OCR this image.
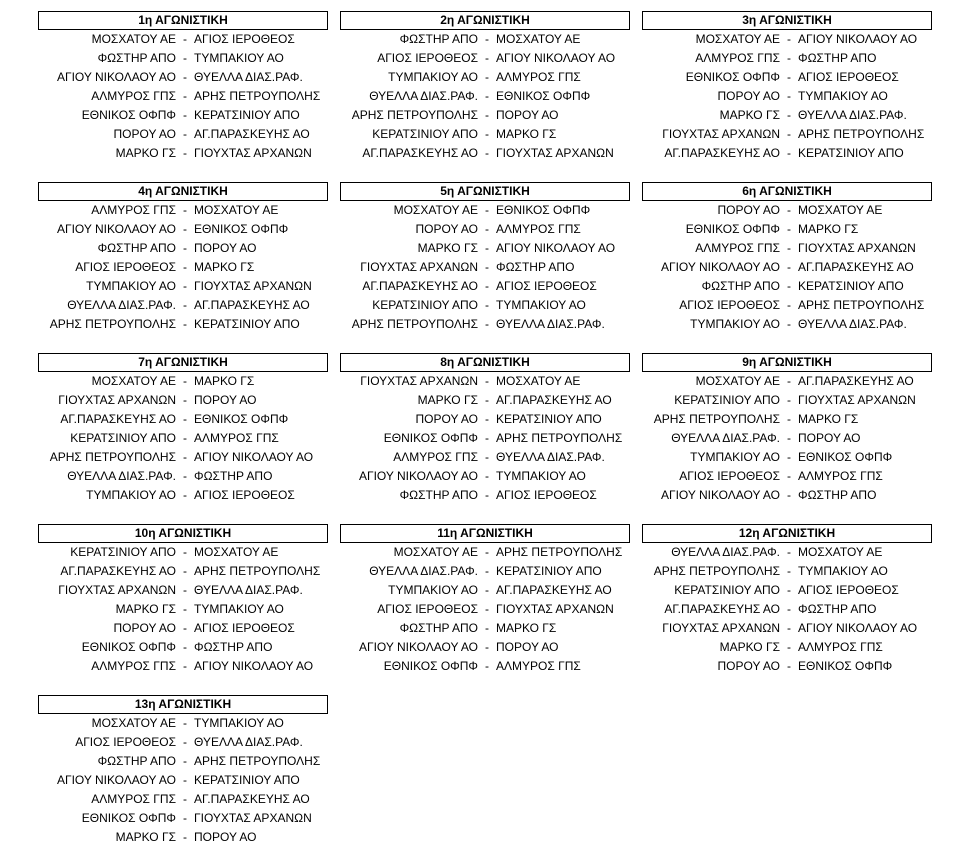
1η ΑΓΩΝΙΣΤΙΚΗ
ΜΟΣΧΑΤΟΥ ΑΕ - ΑΓΙΟΣ ΙΕΡΟΘΕΟΣ
ΦΩΣΤΗΡ ΑΠΟ - ΤΥΜΠΑΚΙΟΥ ΑΟ
ΑΓΙΟΥ ΝΙΚΟΛΑΟΥ ΑΟ - ΘΥΕΛΛΑ ΔΙΑΣ.ΡΑΦ.
ΑΛΜΥΡΟΣ ΓΠΣ - ΑΡΗΣ ΠΕΤΡΟΥΠΟΛΗΣ
ΕΘΝΙΚΟΣ ΟΦΠΦ - ΚΕΡΑΤΣΙΝΙΟΥ ΑΠΟ
ΠΟΡΟΥ ΑΟ - ΑΓ.ΠΑΡΑΣΚΕΥΗΣ ΑΟ
ΜΑΡΚΟ ΓΣ - ΓΙΟΥΧΤΑΣ ΑΡΧΑΝΩΝ
2η ΑΓΩΝΙΣΤΙΚΗ
ΦΩΣΤΗΡ ΑΠΟ - ΜΟΣΧΑΤΟΥ ΑΕ
ΑΓΙΟΣ ΙΕΡΟΘΕΟΣ - ΑΓΙΟΥ ΝΙΚΟΛΑΟΥ ΑΟ
ΤΥΜΠΑΚΙΟΥ ΑΟ - ΑΛΜΥΡΟΣ ΓΠΣ
ΘΥΕΛΛΑ ΔΙΑΣ.ΡΑΦ. - ΕΘΝΙΚΟΣ ΟΦΠΦ
ΑΡΗΣ ΠΕΤΡΟΥΠΟΛΗΣ - ΠΟΡΟΥ ΑΟ
ΚΕΡΑΤΣΙΝΙΟΥ ΑΠΟ - ΜΑΡΚΟ ΓΣ
ΑΓ.ΠΑΡΑΣΚΕΥΗΣ ΑΟ - ΓΙΟΥΧΤΑΣ ΑΡΧΑΝΩΝ
3η ΑΓΩΝΙΣΤΙΚΗ
ΜΟΣΧΑΤΟΥ ΑΕ - ΑΓΙΟΥ ΝΙΚΟΛΑΟΥ ΑΟ
ΑΛΜΥΡΟΣ ΓΠΣ - ΦΩΣΤΗΡ ΑΠΟ
ΕΘΝΙΚΟΣ ΟΦΠΦ - ΑΓΙΟΣ ΙΕΡΟΘΕΟΣ
ΠΟΡΟΥ ΑΟ - ΤΥΜΠΑΚΙΟΥ ΑΟ
ΜΑΡΚΟ ΓΣ - ΘΥΕΛΛΑ ΔΙΑΣ.ΡΑΦ.
ΓΙΟΥΧΤΑΣ ΑΡΧΑΝΩΝ - ΑΡΗΣ ΠΕΤΡΟΥΠΟΛΗΣ
ΑΓ.ΠΑΡΑΣΚΕΥΗΣ ΑΟ - ΚΕΡΑΤΣΙΝΙΟΥ ΑΠΟ
4η ΑΓΩΝΙΣΤΙΚΗ
ΑΛΜΥΡΟΣ ΓΠΣ - ΜΟΣΧΑΤΟΥ ΑΕ
ΑΓΙΟΥ ΝΙΚΟΛΑΟΥ ΑΟ - ΕΘΝΙΚΟΣ ΟΦΠΦ
ΦΩΣΤΗΡ ΑΠΟ - ΠΟΡΟΥ ΑΟ
ΑΓΙΟΣ ΙΕΡΟΘΕΟΣ - ΜΑΡΚΟ ΓΣ
ΤΥΜΠΑΚΙΟΥ ΑΟ - ΓΙΟΥΧΤΑΣ ΑΡΧΑΝΩΝ
ΘΥΕΛΛΑ ΔΙΑΣ.ΡΑΦ. - ΑΓ.ΠΑΡΑΣΚΕΥΗΣ ΑΟ
ΑΡΗΣ ΠΕΤΡΟΥΠΟΛΗΣ - ΚΕΡΑΤΣΙΝΙΟΥ ΑΠΟ
5η ΑΓΩΝΙΣΤΙΚΗ
ΜΟΣΧΑΤΟΥ ΑΕ - ΕΘΝΙΚΟΣ ΟΦΠΦ
ΠΟΡΟΥ ΑΟ - ΑΛΜΥΡΟΣ ΓΠΣ
ΜΑΡΚΟ ΓΣ - ΑΓΙΟΥ ΝΙΚΟΛΑΟΥ ΑΟ
ΓΙΟΥΧΤΑΣ ΑΡΧΑΝΩΝ - ΦΩΣΤΗΡ ΑΠΟ
ΑΓ.ΠΑΡΑΣΚΕΥΗΣ ΑΟ - ΑΓΙΟΣ ΙΕΡΟΘΕΟΣ
ΚΕΡΑΤΣΙΝΙΟΥ ΑΠΟ - ΤΥΜΠΑΚΙΟΥ ΑΟ
ΑΡΗΣ ΠΕΤΡΟΥΠΟΛΗΣ - ΘΥΕΛΛΑ ΔΙΑΣ.ΡΑΦ.
6η ΑΓΩΝΙΣΤΙΚΗ
ΠΟΡΟΥ ΑΟ - ΜΟΣΧΑΤΟΥ ΑΕ
ΕΘΝΙΚΟΣ ΟΦΠΦ - ΜΑΡΚΟ ΓΣ
ΑΛΜΥΡΟΣ ΓΠΣ - ΓΙΟΥΧΤΑΣ ΑΡΧΑΝΩΝ
ΑΓΙΟΥ ΝΙΚΟΛΑΟΥ ΑΟ - ΑΓ.ΠΑΡΑΣΚΕΥΗΣ ΑΟ
ΦΩΣΤΗΡ ΑΠΟ - ΚΕΡΑΤΣΙΝΙΟΥ ΑΠΟ
ΑΓΙΟΣ ΙΕΡΟΘΕΟΣ - ΑΡΗΣ ΠΕΤΡΟΥΠΟΛΗΣ
ΤΥΜΠΑΚΙΟΥ ΑΟ - ΘΥΕΛΛΑ ΔΙΑΣ.ΡΑΦ.
7η ΑΓΩΝΙΣΤΙΚΗ
ΜΟΣΧΑΤΟΥ ΑΕ - ΜΑΡΚΟ ΓΣ
ΓΙΟΥΧΤΑΣ ΑΡΧΑΝΩΝ - ΠΟΡΟΥ ΑΟ
ΑΓ.ΠΑΡΑΣΚΕΥΗΣ ΑΟ - ΕΘΝΙΚΟΣ ΟΦΠΦ
ΚΕΡΑΤΣΙΝΙΟΥ ΑΠΟ - ΑΛΜΥΡΟΣ ΓΠΣ
ΑΡΗΣ ΠΕΤΡΟΥΠΟΛΗΣ - ΑΓΙΟΥ ΝΙΚΟΛΑΟΥ ΑΟ
ΘΥΕΛΛΑ ΔΙΑΣ.ΡΑΦ. - ΦΩΣΤΗΡ ΑΠΟ
ΤΥΜΠΑΚΙΟΥ ΑΟ - ΑΓΙΟΣ ΙΕΡΟΘΕΟΣ
8η ΑΓΩΝΙΣΤΙΚΗ
ΓΙΟΥΧΤΑΣ ΑΡΧΑΝΩΝ - ΜΟΣΧΑΤΟΥ ΑΕ
ΜΑΡΚΟ ΓΣ - ΑΓ.ΠΑΡΑΣΚΕΥΗΣ ΑΟ
ΠΟΡΟΥ ΑΟ - ΚΕΡΑΤΣΙΝΙΟΥ ΑΠΟ
ΕΘΝΙΚΟΣ ΟΦΠΦ - ΑΡΗΣ ΠΕΤΡΟΥΠΟΛΗΣ
ΑΛΜΥΡΟΣ ΓΠΣ - ΘΥΕΛΛΑ ΔΙΑΣ.ΡΑΦ.
ΑΓΙΟΥ ΝΙΚΟΛΑΟΥ ΑΟ - ΤΥΜΠΑΚΙΟΥ ΑΟ
ΦΩΣΤΗΡ ΑΠΟ - ΑΓΙΟΣ ΙΕΡΟΘΕΟΣ
9η ΑΓΩΝΙΣΤΙΚΗ
ΜΟΣΧΑΤΟΥ ΑΕ - ΑΓ.ΠΑΡΑΣΚΕΥΗΣ ΑΟ
ΚΕΡΑΤΣΙΝΙΟΥ ΑΠΟ - ΓΙΟΥΧΤΑΣ ΑΡΧΑΝΩΝ
ΑΡΗΣ ΠΕΤΡΟΥΠΟΛΗΣ - ΜΑΡΚΟ ΓΣ
ΘΥΕΛΛΑ ΔΙΑΣ.ΡΑΦ. - ΠΟΡΟΥ ΑΟ
ΤΥΜΠΑΚΙΟΥ ΑΟ - ΕΘΝΙΚΟΣ ΟΦΠΦ
ΑΓΙΟΣ ΙΕΡΟΘΕΟΣ - ΑΛΜΥΡΟΣ ΓΠΣ
ΑΓΙΟΥ ΝΙΚΟΛΑΟΥ ΑΟ - ΦΩΣΤΗΡ ΑΠΟ
10η ΑΓΩΝΙΣΤΙΚΗ
ΚΕΡΑΤΣΙΝΙΟΥ ΑΠΟ - ΜΟΣΧΑΤΟΥ ΑΕ
ΑΓ.ΠΑΡΑΣΚΕΥΗΣ ΑΟ - ΑΡΗΣ ΠΕΤΡΟΥΠΟΛΗΣ
ΓΙΟΥΧΤΑΣ ΑΡΧΑΝΩΝ - ΘΥΕΛΛΑ ΔΙΑΣ.ΡΑΦ.
ΜΑΡΚΟ ΓΣ - ΤΥΜΠΑΚΙΟΥ ΑΟ
ΠΟΡΟΥ ΑΟ - ΑΓΙΟΣ ΙΕΡΟΘΕΟΣ
ΕΘΝΙΚΟΣ ΟΦΠΦ - ΦΩΣΤΗΡ ΑΠΟ
ΑΛΜΥΡΟΣ ΓΠΣ - ΑΓΙΟΥ ΝΙΚΟΛΑΟΥ ΑΟ
11η ΑΓΩΝΙΣΤΙΚΗ
ΜΟΣΧΑΤΟΥ ΑΕ - ΑΡΗΣ ΠΕΤΡΟΥΠΟΛΗΣ
ΘΥΕΛΛΑ ΔΙΑΣ.ΡΑΦ. - ΚΕΡΑΤΣΙΝΙΟΥ ΑΠΟ
ΤΥΜΠΑΚΙΟΥ ΑΟ - ΑΓ.ΠΑΡΑΣΚΕΥΗΣ ΑΟ
ΑΓΙΟΣ ΙΕΡΟΘΕΟΣ - ΓΙΟΥΧΤΑΣ ΑΡΧΑΝΩΝ
ΦΩΣΤΗΡ ΑΠΟ - ΜΑΡΚΟ ΓΣ
ΑΓΙΟΥ ΝΙΚΟΛΑΟΥ ΑΟ - ΠΟΡΟΥ ΑΟ
ΕΘΝΙΚΟΣ ΟΦΠΦ - ΑΛΜΥΡΟΣ ΓΠΣ
12η ΑΓΩΝΙΣΤΙΚΗ
ΘΥΕΛΛΑ ΔΙΑΣ.ΡΑΦ. - ΜΟΣΧΑΤΟΥ ΑΕ
ΑΡΗΣ ΠΕΤΡΟΥΠΟΛΗΣ - ΤΥΜΠΑΚΙΟΥ ΑΟ
ΚΕΡΑΤΣΙΝΙΟΥ ΑΠΟ - ΑΓΙΟΣ ΙΕΡΟΘΕΟΣ
ΑΓ.ΠΑΡΑΣΚΕΥΗΣ ΑΟ - ΦΩΣΤΗΡ ΑΠΟ
ΓΙΟΥΧΤΑΣ ΑΡΧΑΝΩΝ - ΑΓΙΟΥ ΝΙΚΟΛΑΟΥ ΑΟ
ΜΑΡΚΟ ΓΣ - ΑΛΜΥΡΟΣ ΓΠΣ
ΠΟΡΟΥ ΑΟ - ΕΘΝΙΚΟΣ ΟΦΠΦ
13η ΑΓΩΝΙΣΤΙΚΗ
ΜΟΣΧΑΤΟΥ ΑΕ - ΤΥΜΠΑΚΙΟΥ ΑΟ
ΑΓΙΟΣ ΙΕΡΟΘΕΟΣ - ΘΥΕΛΛΑ ΔΙΑΣ.ΡΑΦ.
ΦΩΣΤΗΡ ΑΠΟ - ΑΡΗΣ ΠΕΤΡΟΥΠΟΛΗΣ
ΑΓΙΟΥ ΝΙΚΟΛΑΟΥ ΑΟ - ΚΕΡΑΤΣΙΝΙΟΥ ΑΠΟ
ΑΛΜΥΡΟΣ ΓΠΣ - ΑΓ.ΠΑΡΑΣΚΕΥΗΣ ΑΟ
ΕΘΝΙΚΟΣ ΟΦΠΦ - ΓΙΟΥΧΤΑΣ ΑΡΧΑΝΩΝ
ΜΑΡΚΟ ΓΣ - ΠΟΡΟΥ ΑΟ
